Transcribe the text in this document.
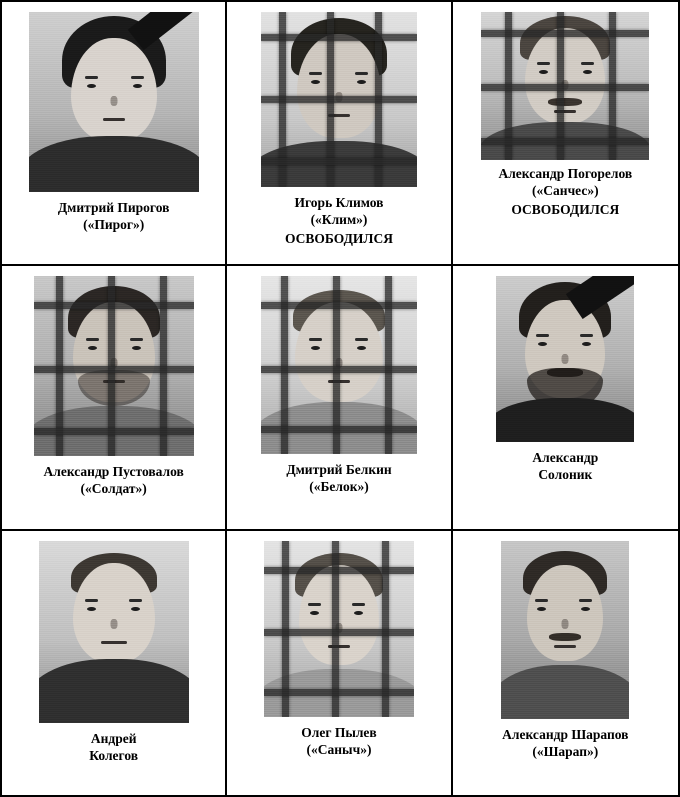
Дмитрий Пирогов
(«Пирог»)
Игорь Климов
(«Клим»)
ОСВОБОДИЛСЯ
Александр Погорелов
(«Санчес»)
ОСВОБОДИЛСЯ
Александр Пустовалов
(«Солдат»)
Дмитрий Белкин
(«Белок»)
Александр
Солоник
Андрей
Колегов
Олег Пылев
(«Саныч»)
Александр Шарапов
(«Шарап»)
